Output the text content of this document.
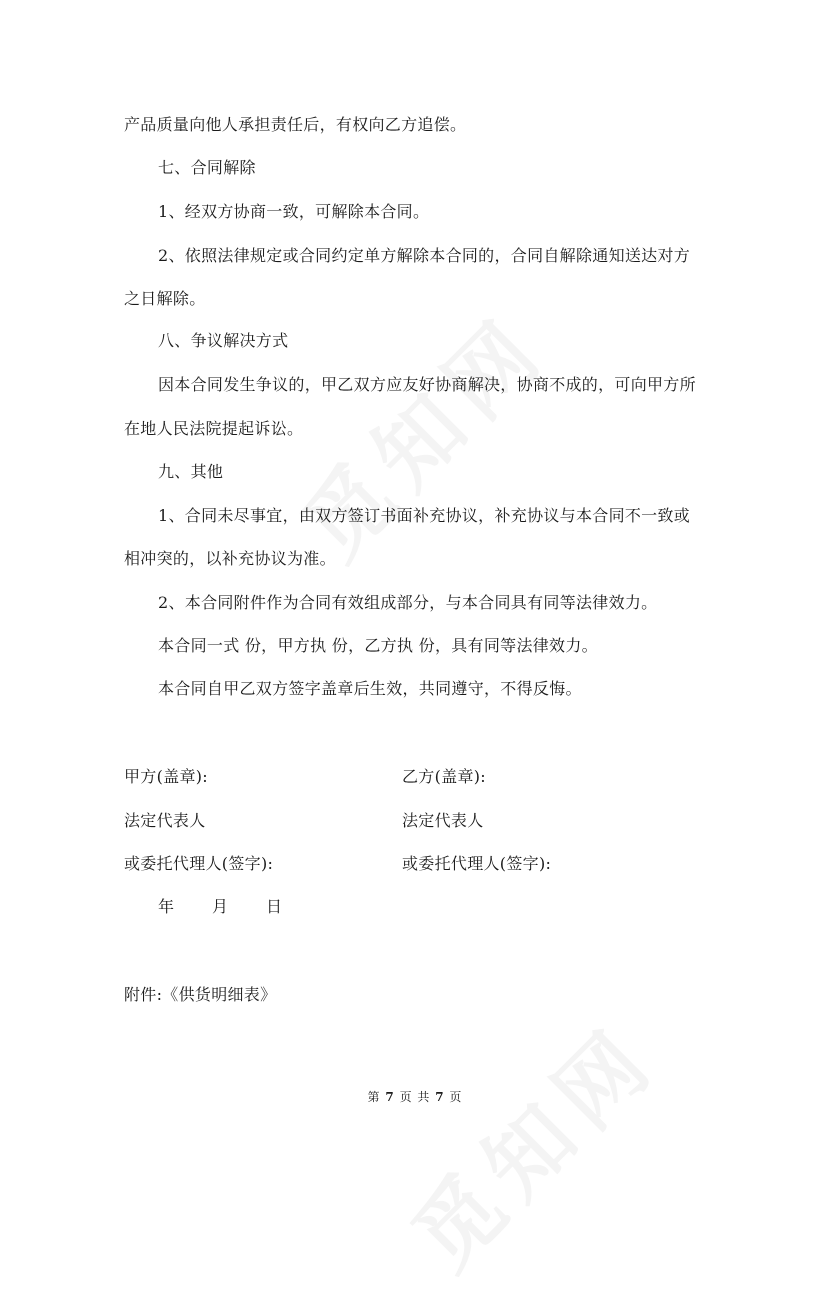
产品质量向他人承担责任后，有权向乙方追偿。
七、合同解除
1、经双方协商一致，可解除本合同。
2、依照法律规定或合同约定单方解除本合同的，合同自解除通知送达对方
之日解除。
八、争议解决方式
因本合同发生争议的，甲乙双方应友好协商解决，协商不成的，可向甲方所
在地人民法院提起诉讼。
九、其他
1、合同未尽事宜，由双方签订书面补充协议，补充协议与本合同不一致或
相冲突的，以补充协议为准。
2、本合同附件作为合同有效组成部分，与本合同具有同等法律效力。
本合同一式 份，甲方执 份，乙方执 份，具有同等法律效力。
本合同自甲乙双方签字盖章后生效，共同遵守，不得反悔。
甲方(盖章):	乙方(盖章):
法定代表人	法定代表人
或委托代理人(签字):	或委托代理人(签字):
年       月       日
附件:《供货明细表》
第 7 页 共 7 页
